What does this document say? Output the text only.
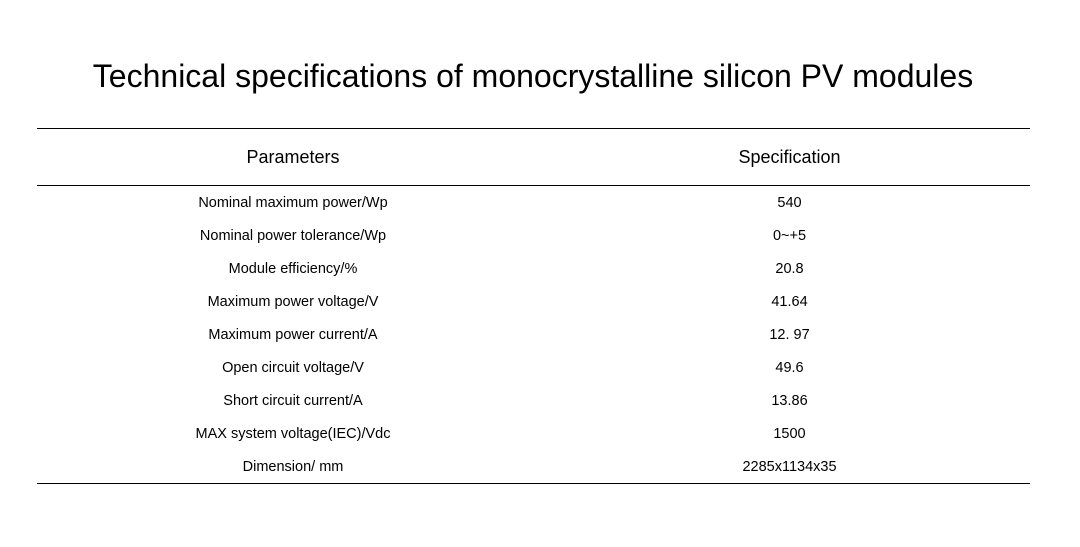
Technical specifications of monocrystalline silicon PV modules
Parameters	Specification
Nominal maximum power/Wp	540
Nominal power tolerance/Wp	0~+5
Module efficiency/%	20.8
Maximum power voltage/V	41.64
Maximum power current/A	12. 97
Open circuit voltage/V	49.6
Short circuit current/A	13.86
MAX system voltage(IEC)/Vdc	1500
Dimension/ mm	2285x1134x35
